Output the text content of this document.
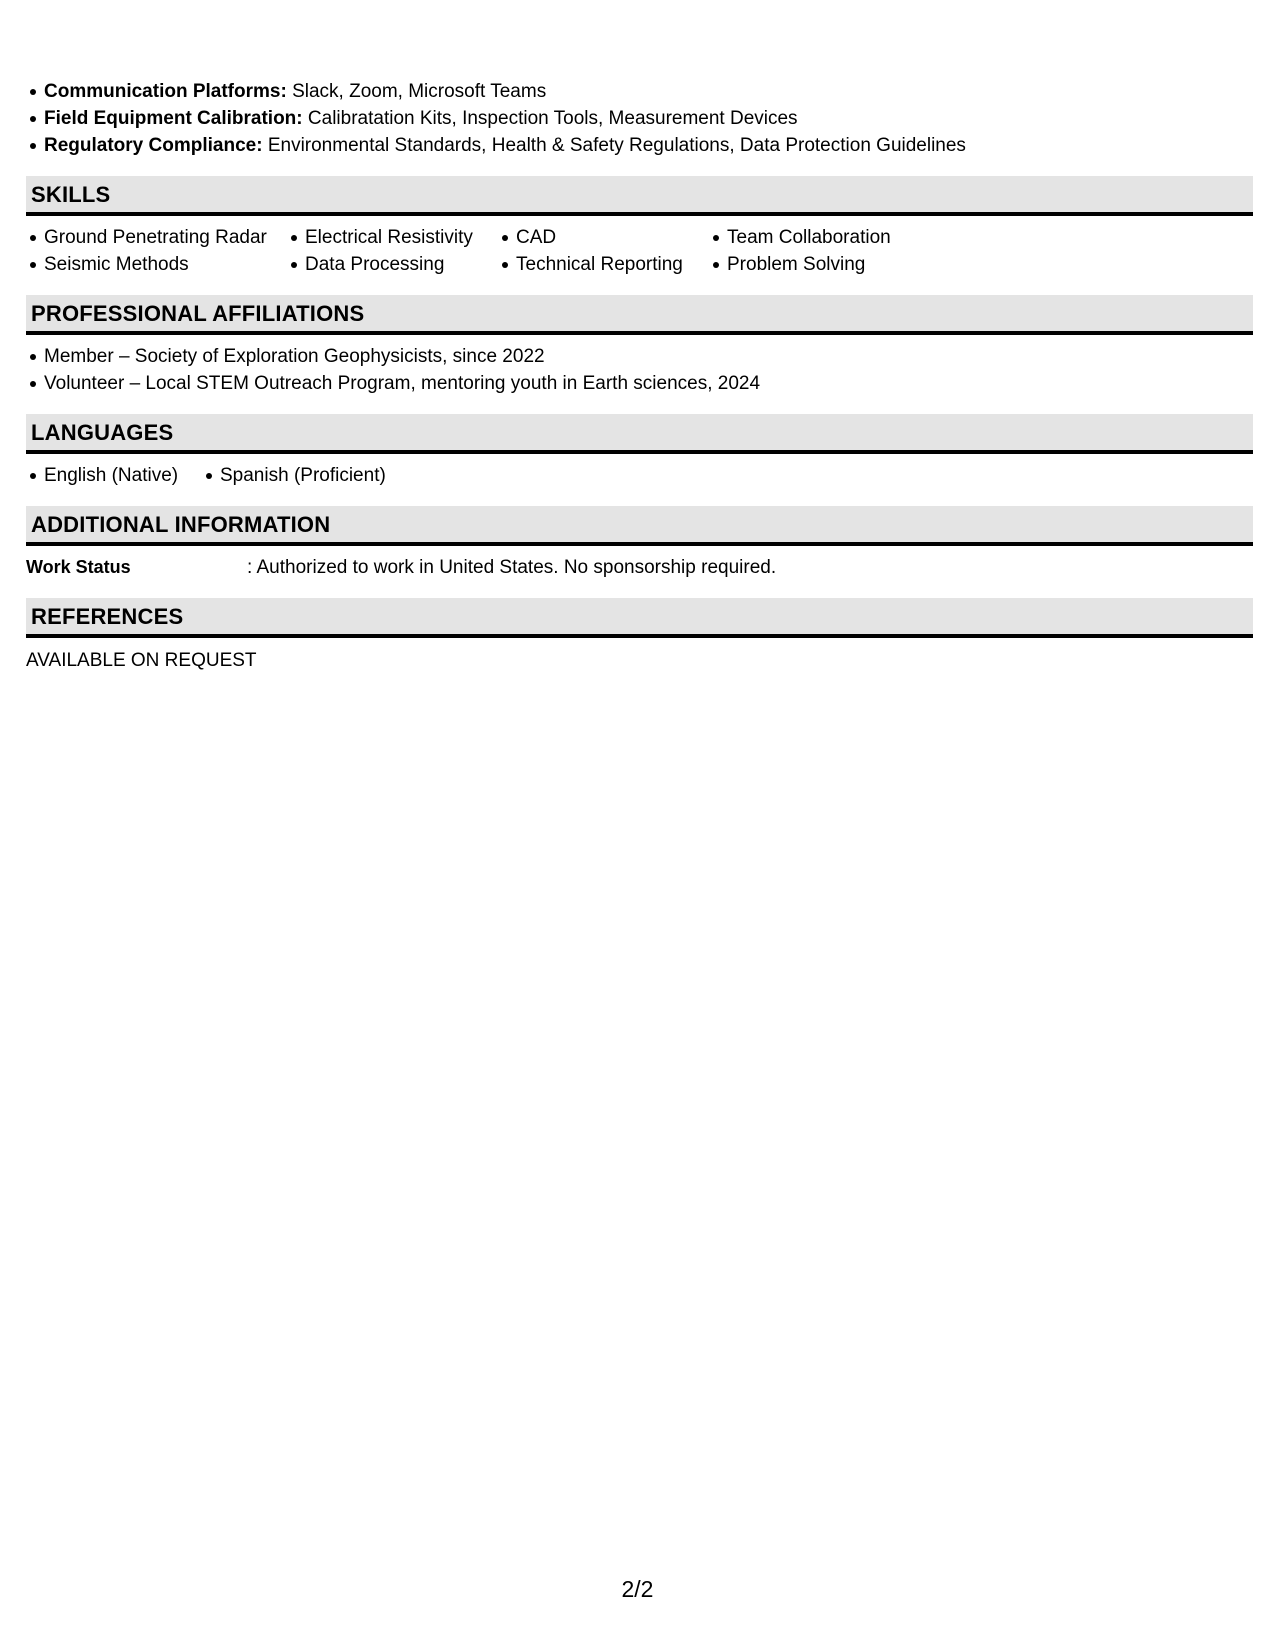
Communication Platforms: Slack, Zoom, Microsoft Teams
Field Equipment Calibration: Calibratation Kits, Inspection Tools, Measurement Devices
Regulatory Compliance: Environmental Standards, Health & Safety Regulations, Data Protection Guidelines
SKILLS
Ground Penetrating Radar
Seismic Methods
Electrical Resistivity
Data Processing
CAD
Technical Reporting
Team Collaboration
Problem Solving
PROFESSIONAL AFFILIATIONS
Member – Society of Exploration Geophysicists, since 2022
Volunteer – Local STEM Outreach Program, mentoring youth in Earth sciences, 2024
LANGUAGES
English (Native)	Spanish (Proficient)
ADDITIONAL INFORMATION
Work Status	: Authorized to work in United States. No sponsorship required.
REFERENCES
AVAILABLE ON REQUEST
2/2
